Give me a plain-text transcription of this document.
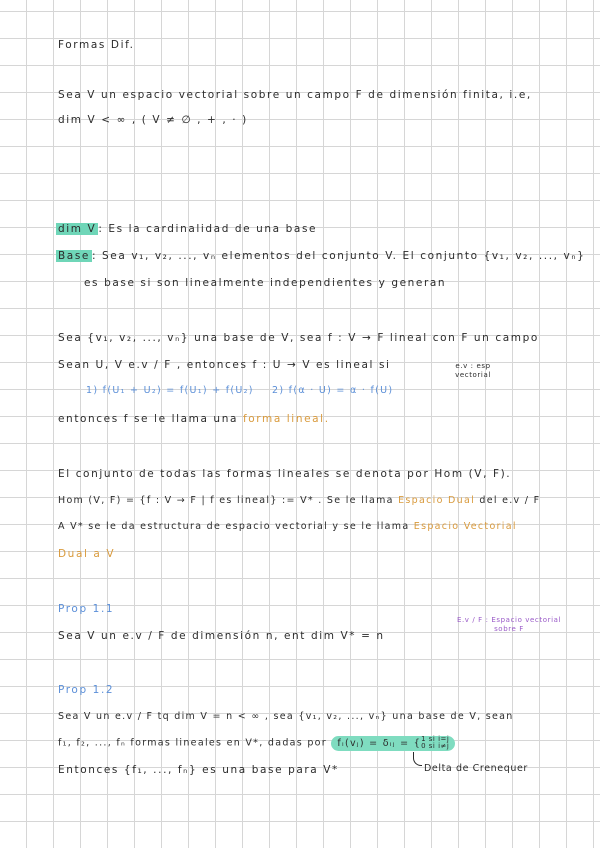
Formas Dif.
Sea V un espacio vectorial sobre un campo F de dimensión finita, i.e,
dim V < ∞ , ( V ≠ ∅ , + , · )
dim V : Es la cardinalidad de una base
Base : Sea v₁, v₂, ..., vₙ elementos del conjunto V. El conjunto {v₁, v₂, ..., vₙ}
es base si son linealmente independientes y generan
Sea {v₁, v₂, ..., vₙ} una base de V, sea f : V → F lineal con F un campo
Sean U, V e.v / F , entonces f : U → V es lineal si	e.v : esp vectorial
1) f(U₁ + U₂) = f(U₁) + f(U₂) 2) f(α · U) = α · f(U)
entonces f se le llama una forma lineal.
El conjunto de todas las formas lineales se denota por Hom (V, F).
Hom (V, F) = {f : V → F | f es lineal} := V* . Se le llama Espacio Dual del e.v / F
A V* se le da estructura de espacio vectorial y se le llama Espacio Vectorial
Dual a V
Prop 1.1
Sea V un e.v / F de dimensión n, ent dim V* = n
E.v / F : Espacio vectorial
sobre F
Prop 1.2
Sea V un e.v / F tq dim V = n < ∞ , sea {v₁, v₂, ..., vₙ} una base de V, sean
f₁, f₂, ..., fₙ formas lineales en V*, dadas por fᵢ(vⱼ) = δᵢⱼ = { 1 si i=j
0 si i≠j
Entonces {f₁, ..., fₙ} es una base para V*	Delta de Crenequer
